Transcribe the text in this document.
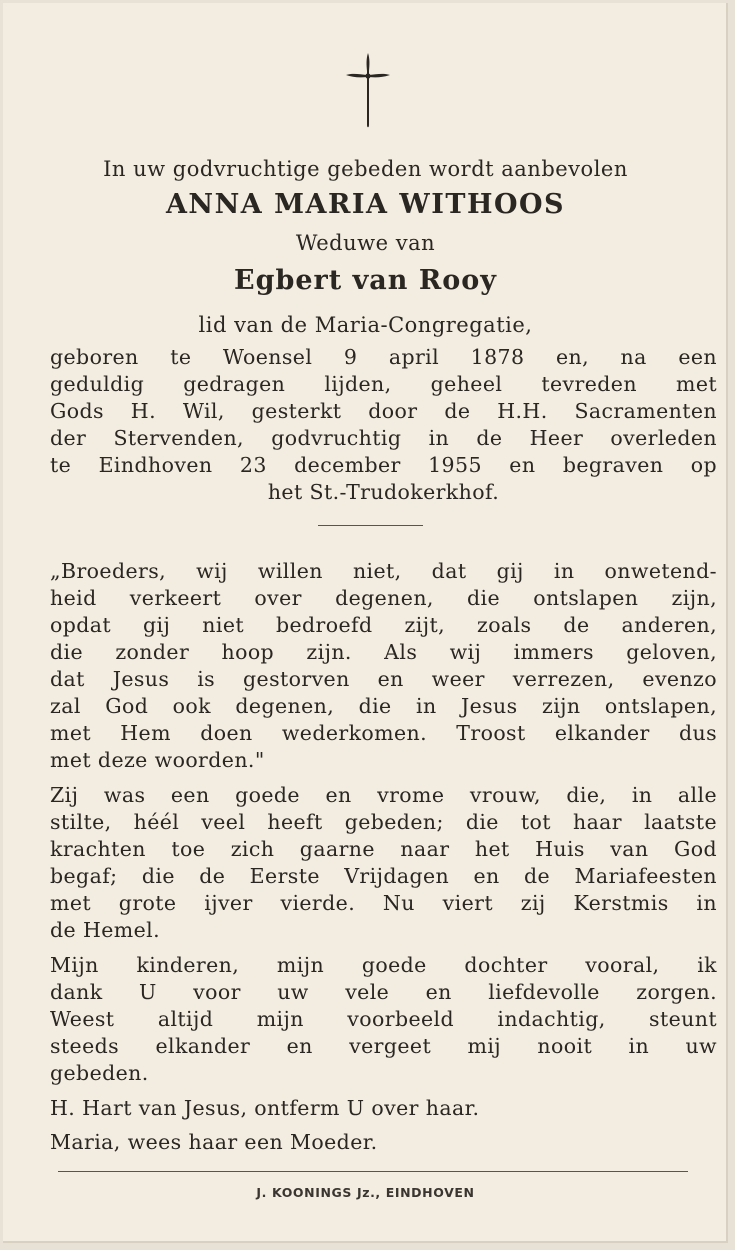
In uw godvruchtige gebeden wordt aanbevolen
ANNA MARIA WITHOOS
Weduwe van
Egbert van Rooy
lid van de Maria-Congregatie,
geboren te Woensel 9 april 1878 en, na een
geduldig gedragen lijden, geheel tevreden met
Gods H. Wil, gesterkt door de H.H. Sacramenten
der Stervenden, godvruchtig in de Heer overleden
te Eindhoven 23 december 1955 en begraven op
het St.-Trudokerkhof.
„Broeders, wij willen niet, dat gij in onwetend-
heid verkeert over degenen, die ontslapen zijn,
opdat gij niet bedroefd zijt, zoals de anderen,
die zonder hoop zijn. Als wij immers geloven,
dat Jesus is gestorven en weer verrezen, evenzo
zal God ook degenen, die in Jesus zijn ontslapen,
met Hem doen wederkomen. Troost elkander dus
met deze woorden."
Zij was een goede en vrome vrouw, die, in alle
stilte, héél veel heeft gebeden; die tot haar laatste
krachten toe zich gaarne naar het Huis van God
begaf; die de Eerste Vrijdagen en de Mariafeesten
met grote ijver vierde. Nu viert zij Kerstmis in
de Hemel.
Mijn kinderen, mijn goede dochter vooral, ik
dank U voor uw vele en liefdevolle zorgen.
Weest altijd mijn voorbeeld indachtig, steunt
steeds elkander en vergeet mij nooit in uw
gebeden.
H. Hart van Jesus, ontferm U over haar.
Maria, wees haar een Moeder.
J. KOONINGS Jz., EINDHOVEN
